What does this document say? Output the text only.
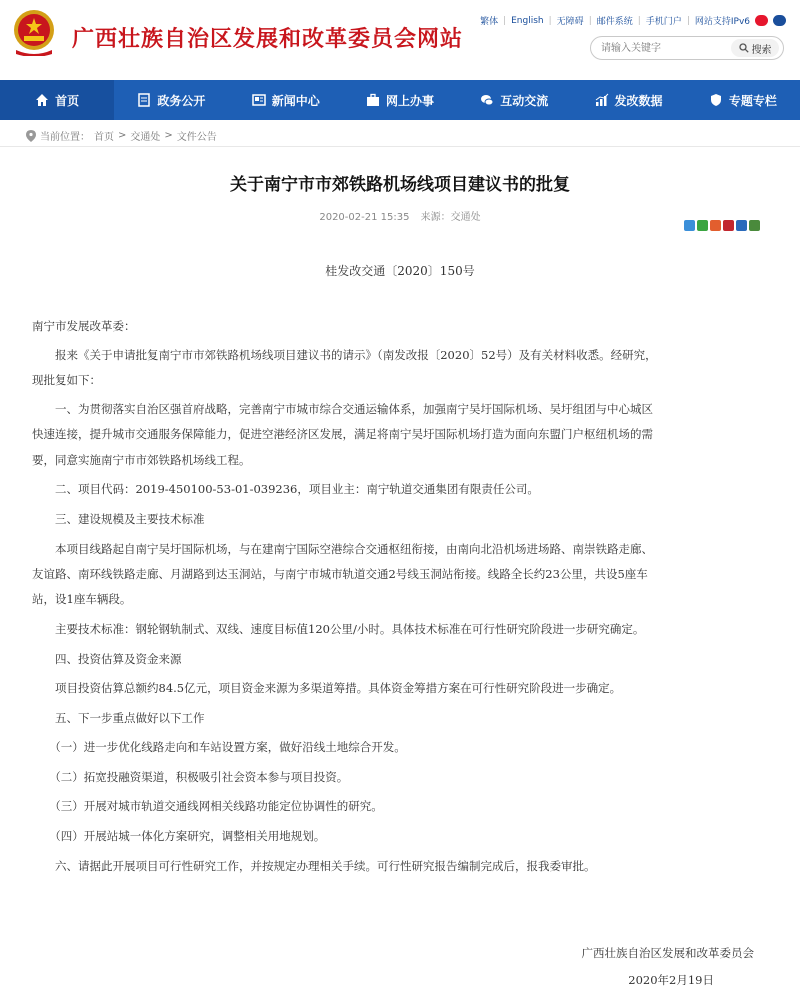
广西壮族自治区发展和改革委员会网站
繁体 | English | 无障碍 | 邮件系统 | 手机门户 | 网站支持IPv6
请输入关键字
搜索
首页	政务公开	新闻中心	网上办事	互动交流	发改数据	专题专栏
当前位置： 首页 > 交通处 > 文件公告
关于南宁市市郊铁路机场线项目建议书的批复
2020-02-21 15:35 来源：交通处
桂发改交通〔2020〕150号
南宁市发展改革委：
　　报来《关于申请批复南宁市市郊铁路机场线项目建议书的请示》（南发改报〔2020〕52号）及有关材料收悉。经研究，
现批复如下：
　　一、为贯彻落实自治区强首府战略，完善南宁市城市综合交通运输体系，加强南宁吴圩国际机场、吴圩组团与中心城区
快速连接，提升城市交通服务保障能力，促进空港经济区发展，满足将南宁吴圩国际机场打造为面向东盟门户枢纽机场的需
要，同意实施南宁市市郊铁路机场线工程。
　　二、项目代码：2019-450100-53-01-039236，项目业主：南宁轨道交通集团有限责任公司。
　　三、建设规模及主要技术标准
　　本项目线路起自南宁吴圩国际机场，与在建南宁国际空港综合交通枢纽衔接，由南向北沿机场进场路、南崇铁路走廊、
友谊路、南环线铁路走廊、月湖路到达玉洞站，与南宁市城市轨道交通2号线玉洞站衔接。线路全长约23公里，共设5座车
站，设1座车辆段。
　　主要技术标准：钢轮钢轨制式、双线、速度目标值120公里/小时。具体技术标准在可行性研究阶段进一步研究确定。
　　四、投资估算及资金来源
　　项目投资估算总额约84.5亿元，项目资金来源为多渠道筹措。具体资金筹措方案在可行性研究阶段进一步确定。
　　五、下一步重点做好以下工作
　　（一）进一步优化线路走向和车站设置方案，做好沿线土地综合开发。
　　（二）拓宽投融资渠道，积极吸引社会资本参与项目投资。
　　（三）开展对城市轨道交通线网相关线路功能定位协调性的研究。
　　（四）开展站城一体化方案研究，调整相关用地规划。
　　六、请据此开展项目可行性研究工作，并按规定办理相关手续。可行性研究报告编制完成后，报我委审批。
广西壮族自治区发展和改革委员会
2020年2月19日
